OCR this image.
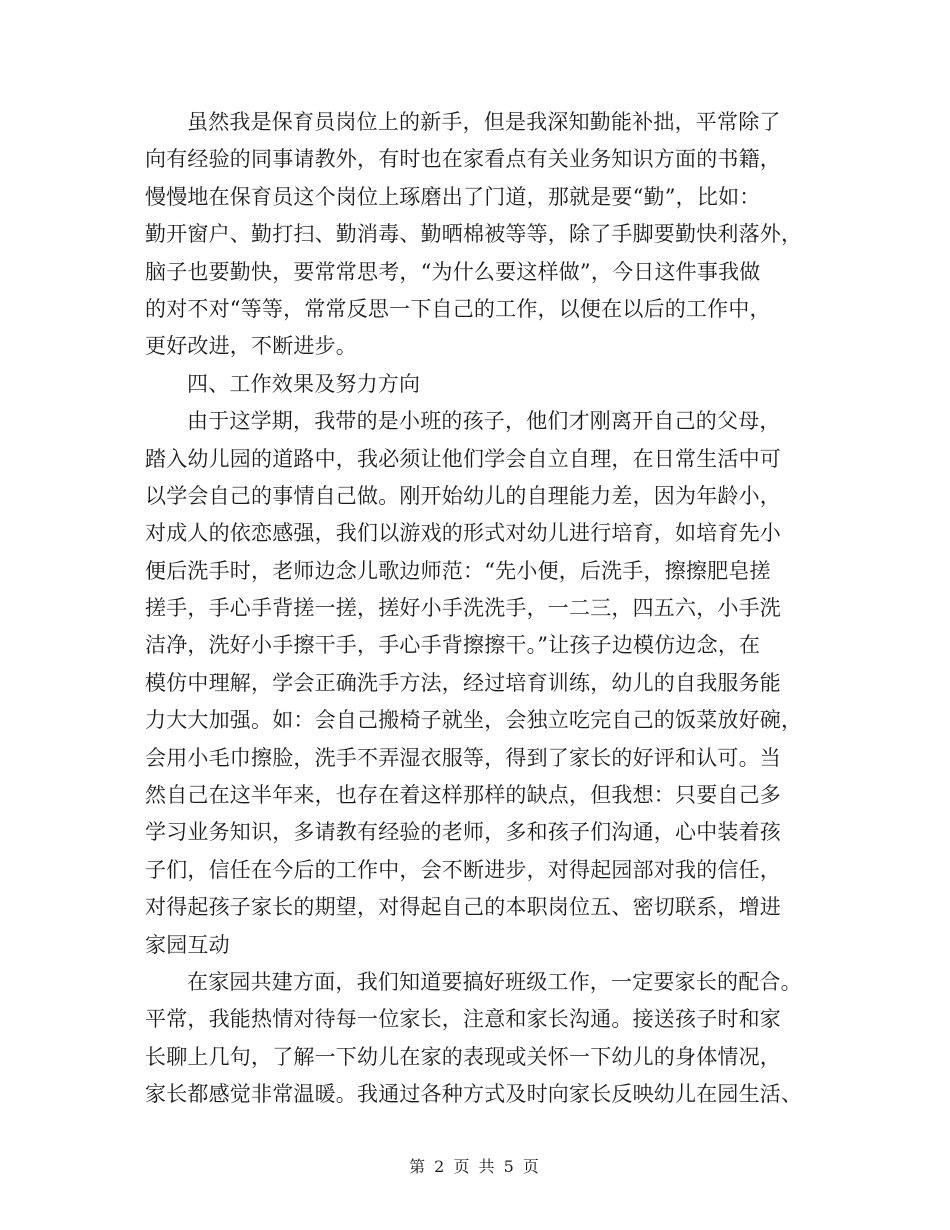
虽然我是保育员岗位上的新手，但是我深知勤能补拙，平常除了
向有经验的同事请教外，有时也在家看点有关业务知识方面的书籍，
慢慢地在保育员这个岗位上琢磨出了门道，那就是要“勤”，比如：
勤开窗户、勤打扫、勤消毒、勤晒棉被等等，除了手脚要勤快利落外，
脑子也要勤快，要常常思考，“为什么要这样做”，今日这件事我做
的对不对“等等，常常反思一下自己的工作，以便在以后的工作中，
更好改进，不断进步。
四、工作效果及努力方向
由于这学期，我带的是小班的孩子，他们才刚离开自己的父母，
踏入幼儿园的道路中，我必须让他们学会自立自理，在日常生活中可
以学会自己的事情自己做。刚开始幼儿的自理能力差，因为年龄小，
对成人的依恋感强，我们以游戏的形式对幼儿进行培育，如培育先小
便后洗手时，老师边念儿歌边师范：“先小便，后洗手，擦擦肥皂搓
搓手，手心手背搓一搓，搓好小手洗洗手，一二三，四五六，小手洗
洁净，洗好小手擦干手，手心手背擦擦干。”让孩子边模仿边念，在
模仿中理解，学会正确洗手方法，经过培育训练，幼儿的自我服务能
力大大加强。如：会自己搬椅子就坐，会独立吃完自己的饭菜放好碗，
会用小毛巾擦脸，洗手不弄湿衣服等，得到了家长的好评和认可。当
然自己在这半年来，也存在着这样那样的缺点，但我想：只要自己多
学习业务知识，多请教有经验的老师，多和孩子们沟通，心中装着孩
子们，信任在今后的工作中，会不断进步，对得起园部对我的信任，
对得起孩子家长的期望，对得起自己的本职岗位五、密切联系，增进
家园互动
在家园共建方面，我们知道要搞好班级工作，一定要家长的配合。
平常，我能热情对待每一位家长，注意和家长沟通。接送孩子时和家
长聊上几句，了解一下幼儿在家的表现或关怀一下幼儿的身体情况，
家长都感觉非常温暖。我通过各种方式及时向家长反映幼儿在园生活、
第 2 页 共 5 页
